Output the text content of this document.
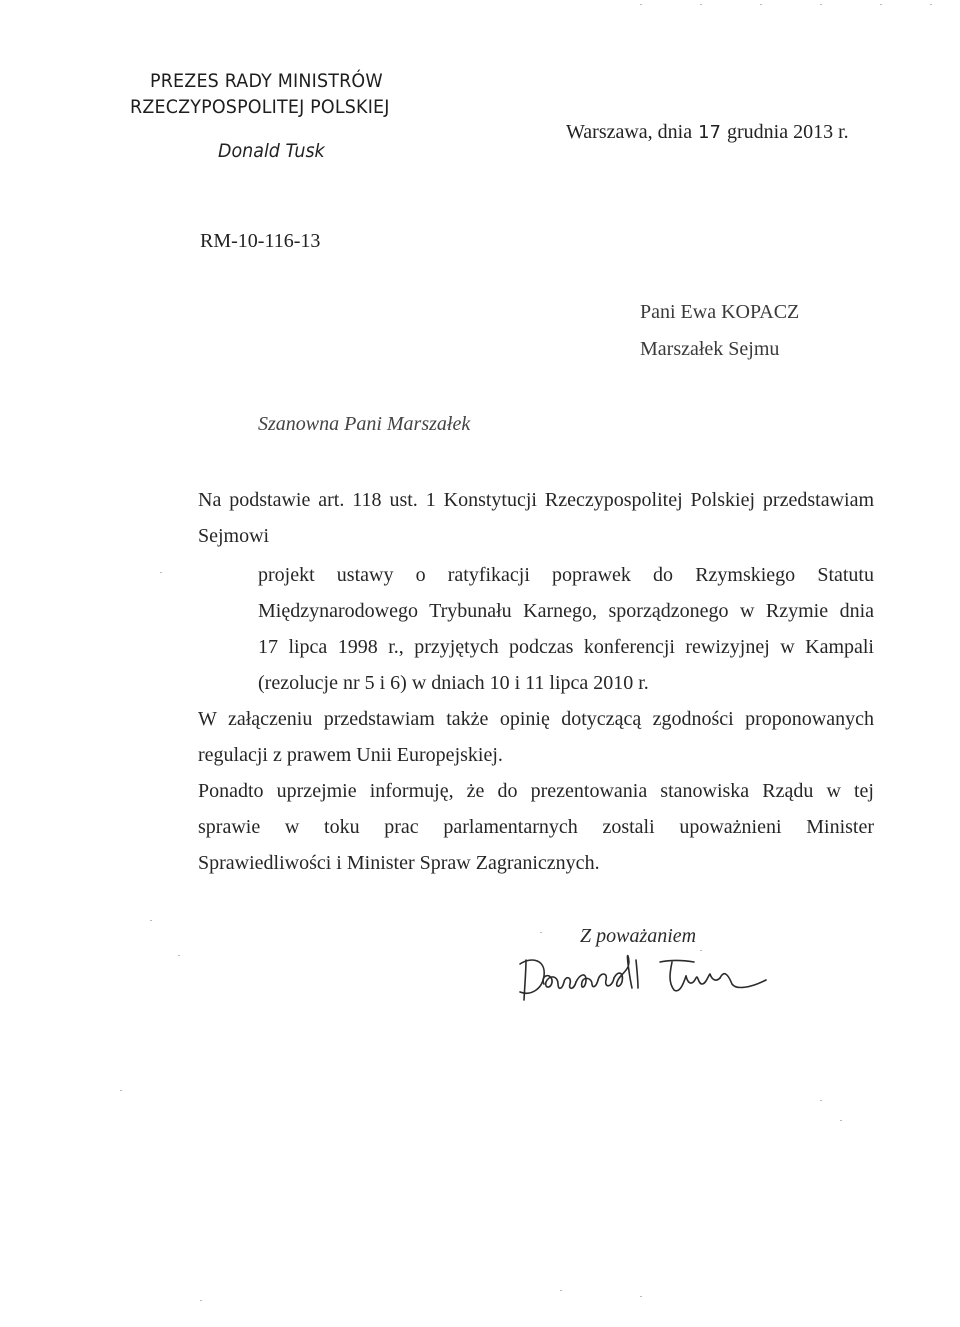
PREZES RADY MINISTRÓW
RZECZYPOSPOLITEJ POLSKIEJ
Donald Tusk
Warszawa, dnia 17 grudnia 2013 r.
RM-10-116-13
Pani Ewa KOPACZ
Marszałek Sejmu
Szanowna Pani Marszałek
Na podstawie art. 118 ust. 1 Konstytucji Rzeczypospolitej Polskiej przedstawiam
Sejmowi
projekt ustawy o ratyfikacji poprawek do Rzymskiego Statutu
Międzynarodowego Trybunału Karnego, sporządzonego w Rzymie dnia
17 lipca 1998 r., przyjętych podczas konferencji rewizyjnej w Kampali
(rezolucje nr 5 i 6) w dniach 10 i 11 lipca 2010 r.
W załączeniu przedstawiam także opinię dotyczącą zgodności proponowanych
regulacji z prawem Unii Europejskiej.
Ponadto uprzejmie informuję, że do prezentowania stanowiska Rządu w tej
sprawie w toku prac parlamentarnych zostali upoważnieni Minister
Sprawiedliwości i Minister Spraw Zagranicznych.
Z poważaniem
